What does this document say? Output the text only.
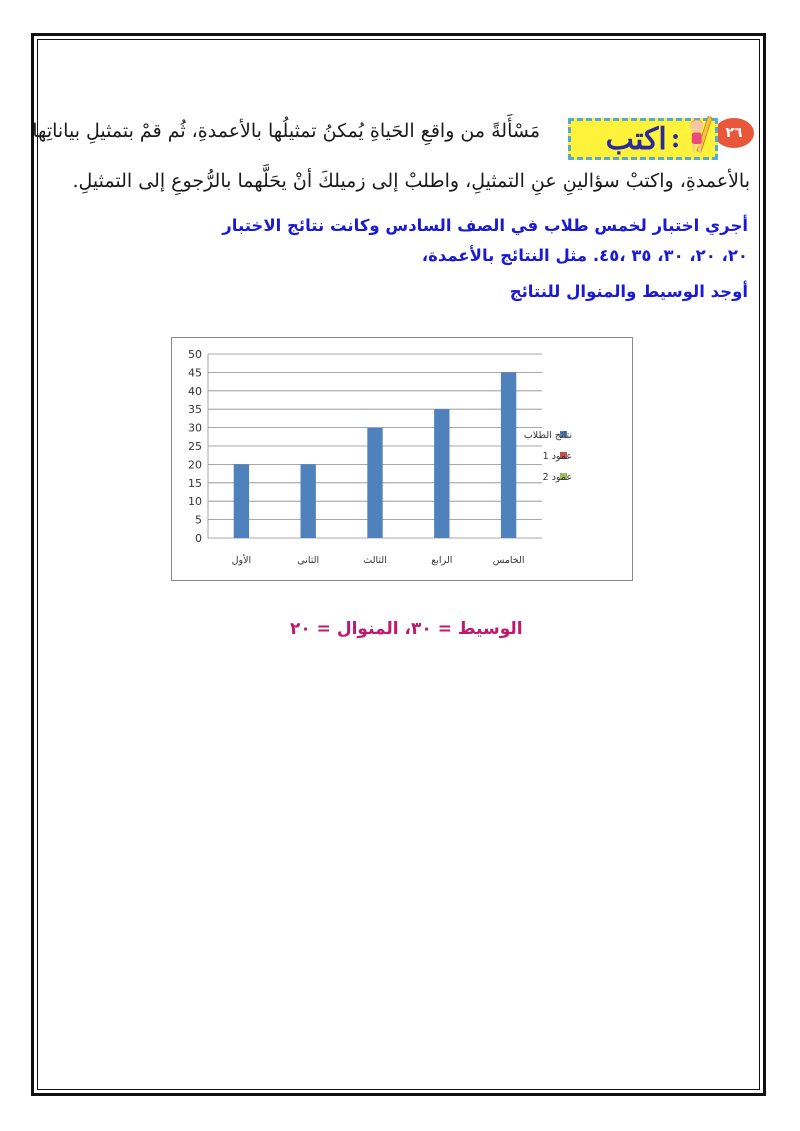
٢٦
اكتب :
مَسْأَلةً من واقعِ الحَياةِ يُمكنُ تمثيلُها بالأعمدةِ، ثُم قمْ بتمثيلِ بياناتِها
بالأعمدةِ، واكتبْ سؤالينِ عنِ التمثيلِ، واطلبْ إلى زميلكَ أنْ يحَلَّهما بالرُّجوعِ إلى التمثيلِ.
أجري اختبار لخمس طلاب في الصف السادس وكانت نتائج الاختبار
٢٠، ٢٠، ٣٠، ٣٥ ،٤٥. مثل النتائج بالأعمدة،
أوجد الوسيط والمنوال للنتائج
0
5
10
15
20
25
30
35
40
45
50
الأول	الثاني	الثالث	الرابع	الخامس
نتائج الطلاب
عمود 1
عمود 2
الوسيط = ٣٠، المنوال = ٢٠
